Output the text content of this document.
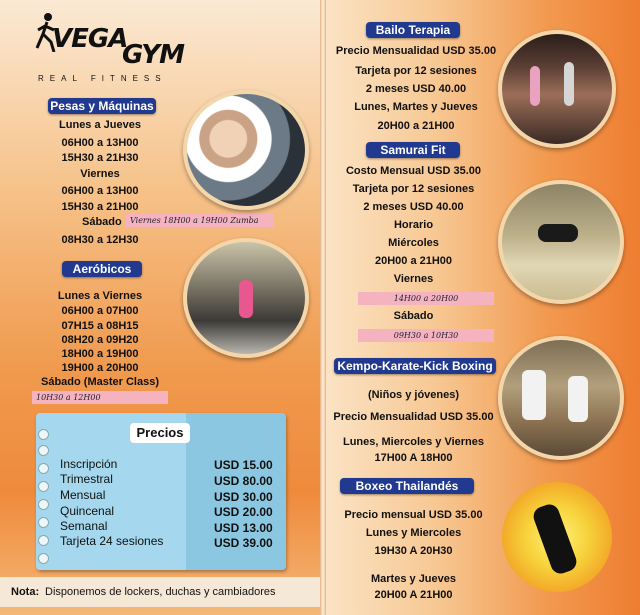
VEGA
GYM
REAL FITNESS
Pesas y Máquinas
Lunes a Jueves
06H00 a 13H00
15H30 a 21H30
Viernes
06H00 a 13H00
15H30 a 21H00
Sábado	Viernes 18H00 a 19H00 Zumba
08H30 a 12H30
Aeróbicos
Lunes a Viernes
06H00 a 07H00
07H15 a 08H15
08H20 a 09H20
18H00 a 19H00
19H00 a 20H00
Sábado (Master Class)
10H30 a 12H00
Precios
Inscripción	USD 15.00
Trimestral	USD 80.00
Mensual	USD 30.00
Quincenal	USD 20.00
Semanal	USD 13.00
Tarjeta 24 sesiones	USD 39.00
Nota: Disponemos de lockers, duchas y cambiadores
Bailo Terapia
Precio Mensualidad USD 35.00
Tarjeta por 12 sesiones
2 meses USD 40.00
Lunes, Martes y Jueves
20H00 a 21H00
Samurai Fit
Costo Mensual USD 35.00
Tarjeta por 12 sesiones
2 meses USD 40.00
Horario
Miércoles
20H00 a 21H00
Viernes
14H00 a 20H00
Sábado
09H30 a 10H30
Kempo-Karate-Kick Boxing
(Niños y jóvenes)
Precio Mensualidad USD 35.00
Lunes, Miercoles y Viernes
17H00 A 18H00
Boxeo Thailandés
Precio mensual USD 35.00
Lunes y Miercoles
19H30 A 20H30
Martes y Jueves
20H00 A 21H00
